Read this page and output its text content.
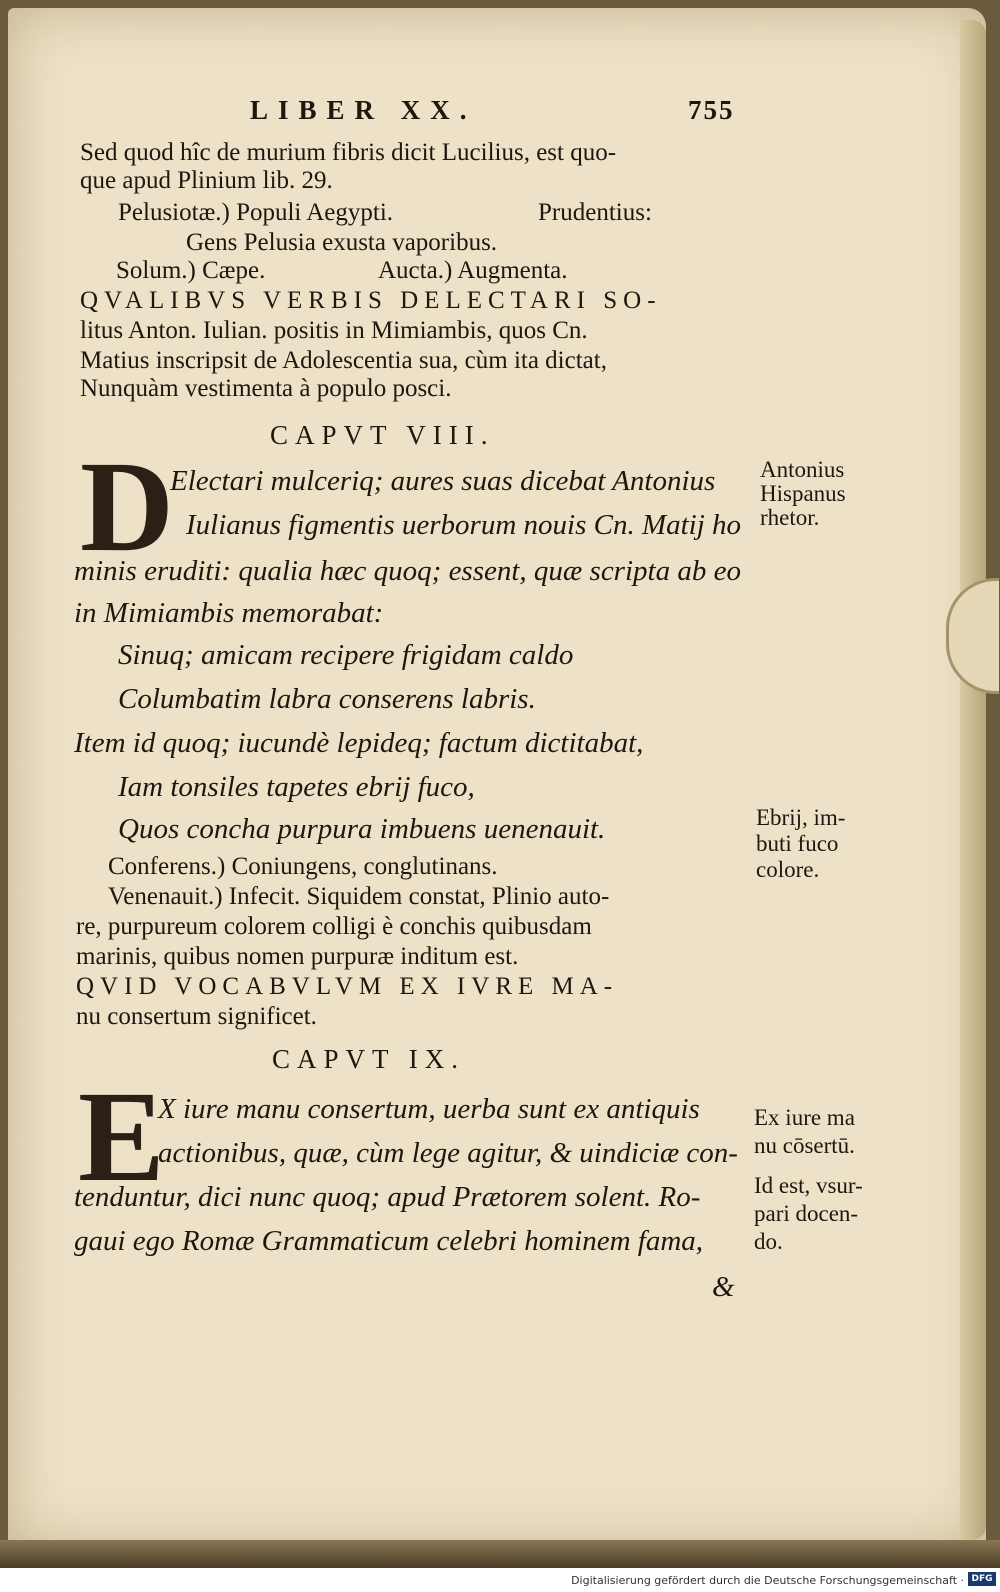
LIBER XX.	755
Sed quod hîc de murium fibris dicit Lucilius, est quo-
que apud Plinium lib. 29.
Pelusiotæ.) Populi Aegypti.	Prudentius:
Gens Pelusia exusta vaporibus.
Solum.) Cæpe.	Aucta.) Augmenta.
QVALIBVS VERBIS DELECTARI SO-
litus Anton. Iulian. positis in Mimiambis, quos Cn.
Matius inscripsit de Adolescentia sua, cùm ita dictat,
Nunquàm vestimenta à populo posci.
CAPVT VIII.
D
Electari mulceriq; aures suas dicebat Antonius
Iulianus figmentis uerborum nouis Cn. Matij ho
minis eruditi: qualia hæc quoq; essent, quæ scripta ab eo
in Mimiambis memorabat:
Sinuq; amicam recipere frigidam caldo
Columbatim labra conserens labris.
Item id quoq; iucundè lepideq; factum dictitabat,
Iam tonsiles tapetes ebrij fuco,
Quos concha purpura imbuens uenenauit.
Conferens.) Coniungens, conglutinans.
Venenauit.) Infecit. Siquidem constat, Plinio auto-
re, purpureum colorem colligi è conchis quibusdam
marinis, quibus nomen purpuræ inditum est.
QVID VOCABVLVM EX IVRE MA-
nu consertum significet.
CAPVT IX.
E
X iure manu consertum, uerba sunt ex antiquis
actionibus, quæ, cùm lege agitur, & uindiciæ con-
tenduntur, dici nunc quoq; apud Prætorem solent. Ro-
gaui ego Romæ Grammaticum celebri hominem fama,
&
Antonius
Hispanus
rhetor.
Ebrij, im-
buti fuco
colore.
Ex iure ma
nu cōsertū.
Id est, vsur-
pari docen-
do.
Digitalisierung gefördert durch die Deutsche Forschungsgemeinschaft · DFG
